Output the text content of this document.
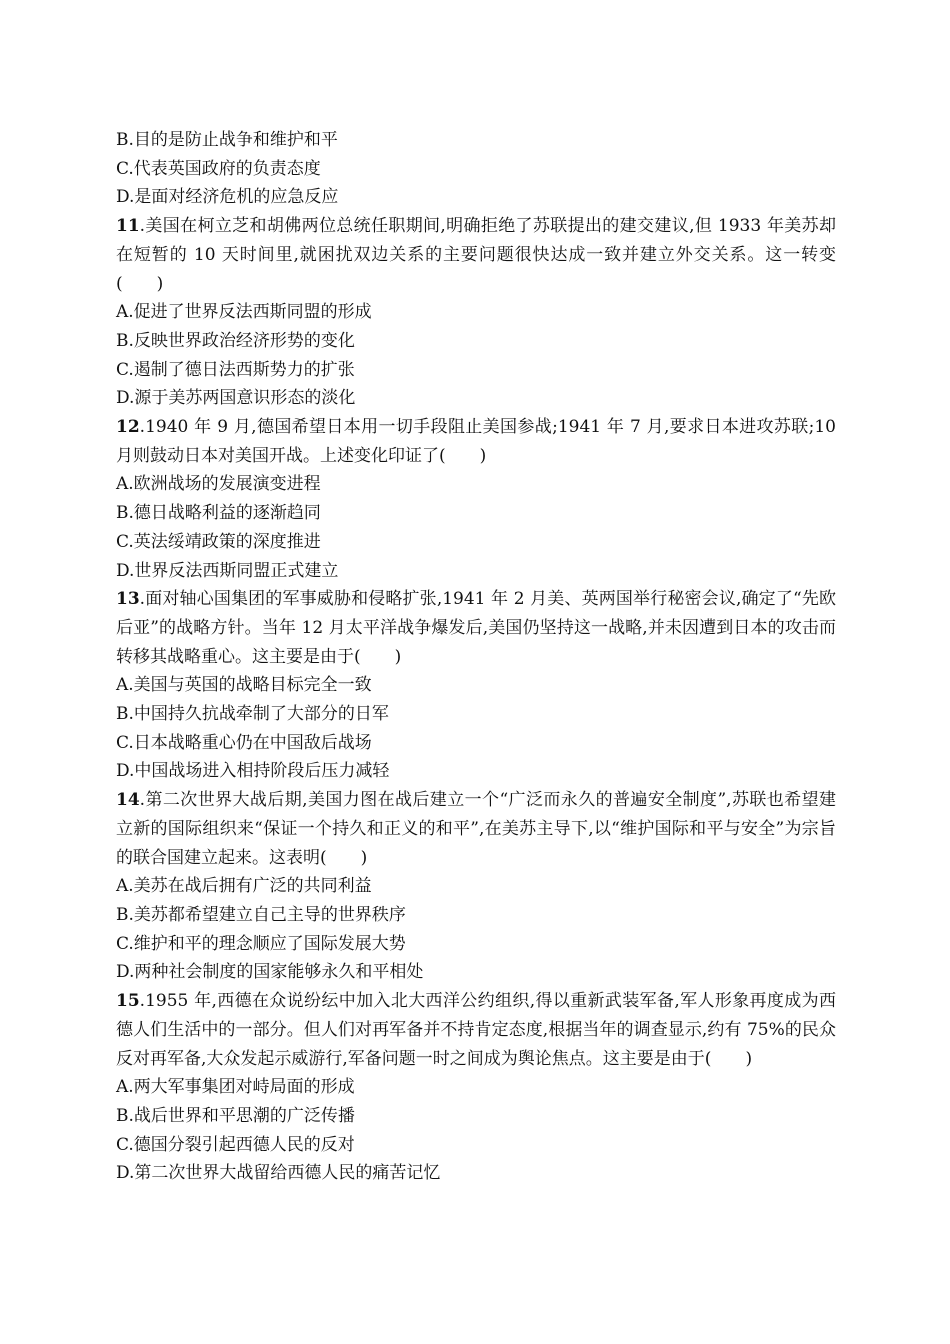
B.目的是防止战争和维护和平
C.代表英国政府的负责态度
D.是面对经济危机的应急反应
11.美国在柯立芝和胡佛两位总统任职期间,明确拒绝了苏联提出的建交建议,但 1933 年美苏却在短暂的 10 天时间里,就困扰双边关系的主要问题很快达成一致并建立外交关系。这一转变(　　)
A.促进了世界反法西斯同盟的形成
B.反映世界政治经济形势的变化
C.遏制了德日法西斯势力的扩张
D.源于美苏两国意识形态的淡化
12.1940 年 9 月,德国希望日本用一切手段阻止美国参战;1941 年 7 月,要求日本进攻苏联;10 月则鼓动日本对美国开战。上述变化印证了(　　)
A.欧洲战场的发展演变进程
B.德日战略利益的逐渐趋同
C.英法绥靖政策的深度推进
D.世界反法西斯同盟正式建立
13.面对轴心国集团的军事威胁和侵略扩张,1941 年 2 月美、英两国举行秘密会议,确定了“先欧后亚”的战略方针。当年 12 月太平洋战争爆发后,美国仍坚持这一战略,并未因遭到日本的攻击而转移其战略重心。这主要是由于(　　)
A.美国与英国的战略目标完全一致
B.中国持久抗战牵制了大部分的日军
C.日本战略重心仍在中国敌后战场
D.中国战场进入相持阶段后压力减轻
14.第二次世界大战后期,美国力图在战后建立一个“广泛而永久的普遍安全制度”,苏联也希望建立新的国际组织来“保证一个持久和正义的和平”,在美苏主导下,以“维护国际和平与安全”为宗旨的联合国建立起来。这表明(　　)
A.美苏在战后拥有广泛的共同利益
B.美苏都希望建立自己主导的世界秩序
C.维护和平的理念顺应了国际发展大势
D.两种社会制度的国家能够永久和平相处
15.1955 年,西德在众说纷纭中加入北大西洋公约组织,得以重新武装军备,军人形象再度成为西德人们生活中的一部分。但人们对再军备并不持肯定态度,根据当年的调查显示,约有 75%的民众反对再军备,大众发起示威游行,军备问题一时之间成为舆论焦点。这主要是由于(　　)
A.两大军事集团对峙局面的形成
B.战后世界和平思潮的广泛传播
C.德国分裂引起西德人民的反对
D.第二次世界大战留给西德人民的痛苦记忆
